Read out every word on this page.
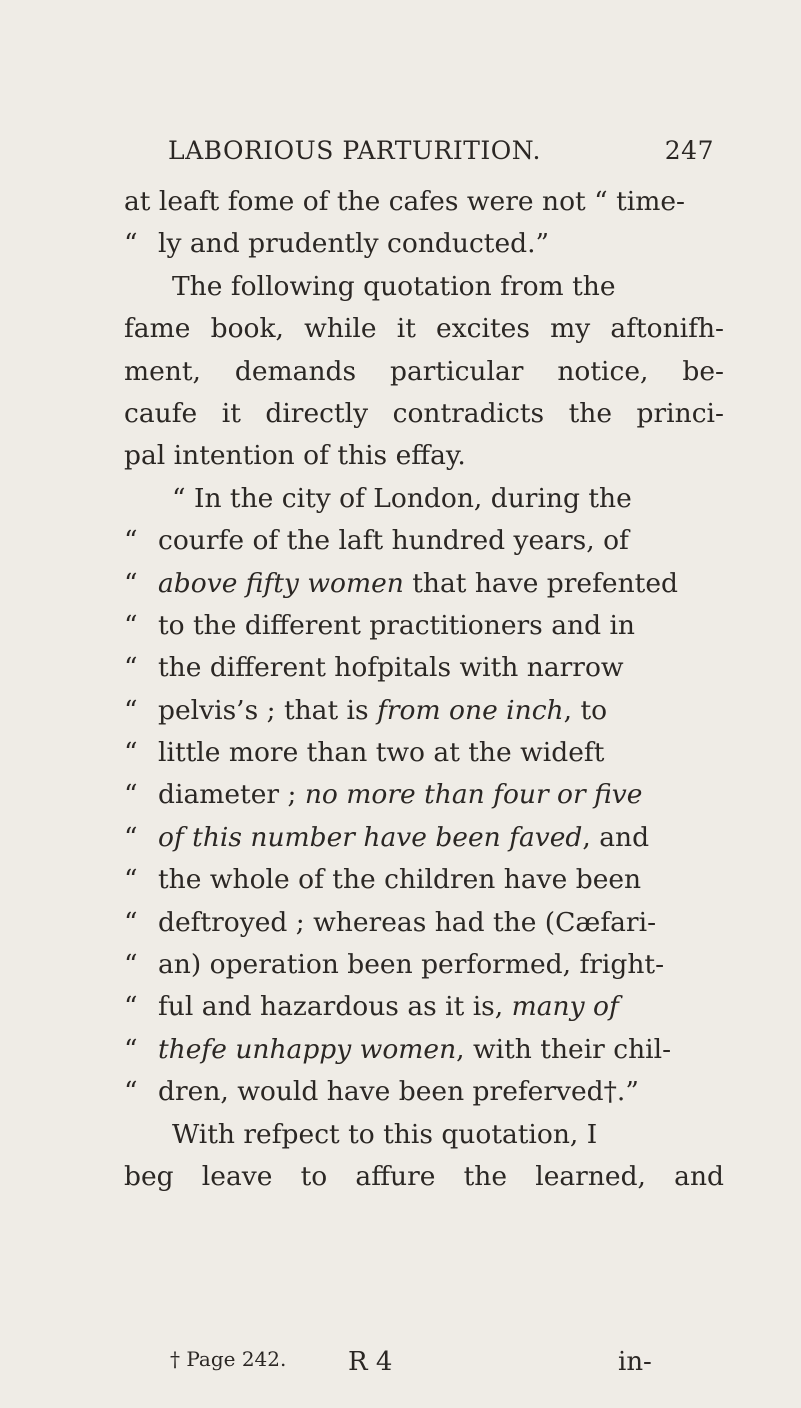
LABORIOUS PARTURITION.	247
at leaft fome of the cafes were not “ time-
“ ly and prudently conducted.”
The following quotation from the
fame book, while it excites my aftonifh-
ment, demands particular notice, be-
caufe it directly contradicts the princi-
pal intention of this effay.
“ In the city of London, during the
“ courfe of the laft hundred years, of
“ above fifty women that have prefented
“ to the different practitioners and in
“ the different hofpitals with narrow
“ pelvis’s ; that is from one inch, to
“ little more than two at the wideft
“ diameter ; no more than four or five
“ of this number have been faved, and
“ the whole of the children have been
“ deftroyed ; whereas had the (Cæfari-
“ an) operation been performed, fright-
“ ful and hazardous as it is, many of
“ thefe unhappy women, with their chil-
“ dren, would have been preferved†.”
With refpect to this quotation, I
beg leave to affure the learned, and
† Page 242. R 4	in-
